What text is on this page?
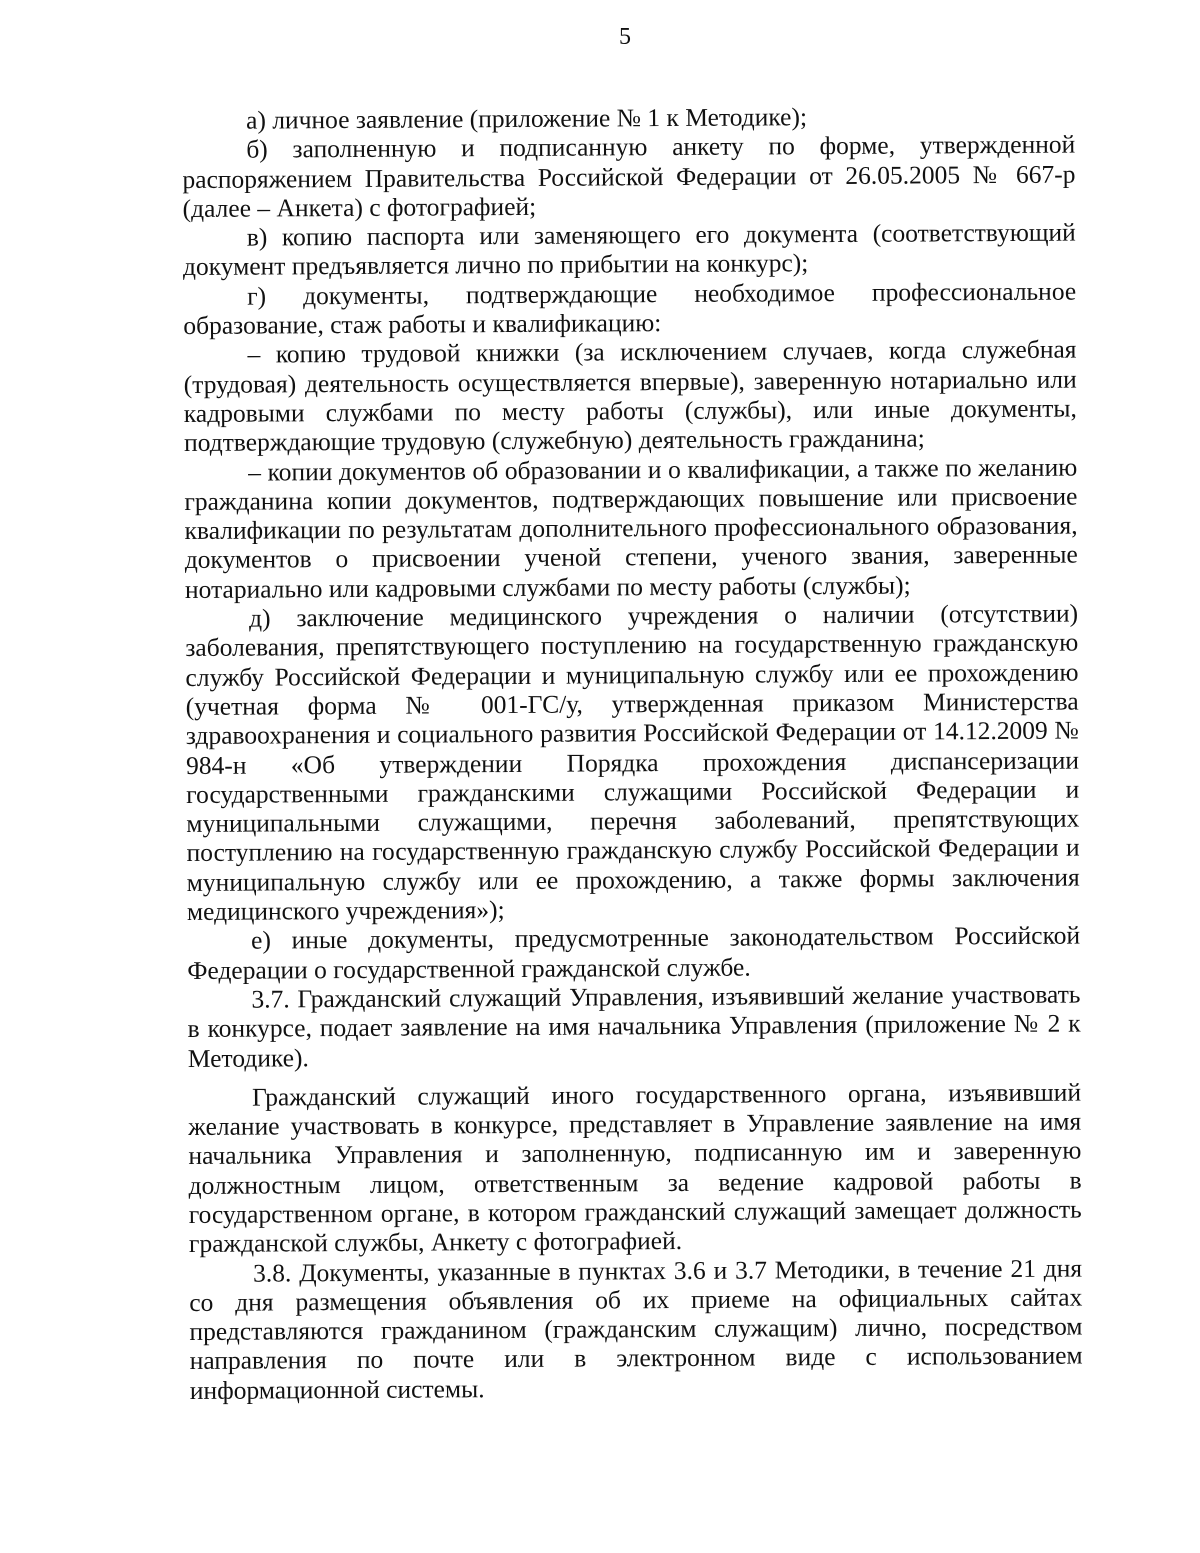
5

а) личное заявление (приложение № 1 к Методике);

б) заполненную и подписанную анкету по форме, утвержденной распоряжением Правительства Российской Федерации от 26.05.2005 № 667-р (далее – Анкета) с фотографией;

в) копию паспорта или заменяющего его документа (соответствующий документ предъявляется лично по прибытии на конкурс);

г) документы, подтверждающие необходимое профессиональное образование, стаж работы и квалификацию:

– копию трудовой книжки (за исключением случаев, когда служебная (трудовая) деятельность осуществляется впервые), заверенную нотариально или кадровыми службами по месту работы (службы), или иные документы, подтверждающие трудовую (служебную) деятельность гражданина;

– копии документов об образовании и о квалификации, а также по желанию гражданина копии документов, подтверждающих повышение или присвоение квалификации по результатам дополнительного профессионального образования, документов о присвоении ученой степени, ученого звания, заверенные нотариально или кадровыми службами по месту работы (службы);

д) заключение медицинского учреждения о наличии (отсутствии) заболевания, препятствующего поступлению на государственную гражданскую службу Российской Федерации и муниципальную службу или ее прохождению (учетная форма № 001-ГС/у, утвержденная приказом Министерства здравоохранения и социального развития Российской Федерации от 14.12.2009 № 984-н «Об утверждении Порядка прохождения диспансеризации государственными гражданскими служащими Российской Федерации и муниципальными служащими, перечня заболеваний, препятствующих поступлению на государственную гражданскую службу Российской Федерации и муниципальную службу или ее прохождению, а также формы заключения медицинского учреждения»);

е) иные документы, предусмотренные законодательством Российской Федерации о государственной гражданской службе.

3.7. Гражданский служащий Управления, изъявивший желание участвовать в конкурсе, подает заявление на имя начальника Управления (приложение № 2 к Методике).

Гражданский служащий иного государственного органа, изъявивший желание участвовать в конкурсе, представляет в Управление заявление на имя начальника Управления и заполненную, подписанную им и заверенную должностным лицом, ответственным за ведение кадровой работы в государственном органе, в котором гражданский служащий замещает должность гражданской службы, Анкету с фотографией.

3.8. Документы, указанные в пунктах 3.6 и 3.7 Методики, в течение 21 дня со дня размещения объявления об их приеме на официальных сайтах представляются гражданином (гражданским служащим) лично, посредством направления по почте или в электронном виде с использованием информационной системы.
